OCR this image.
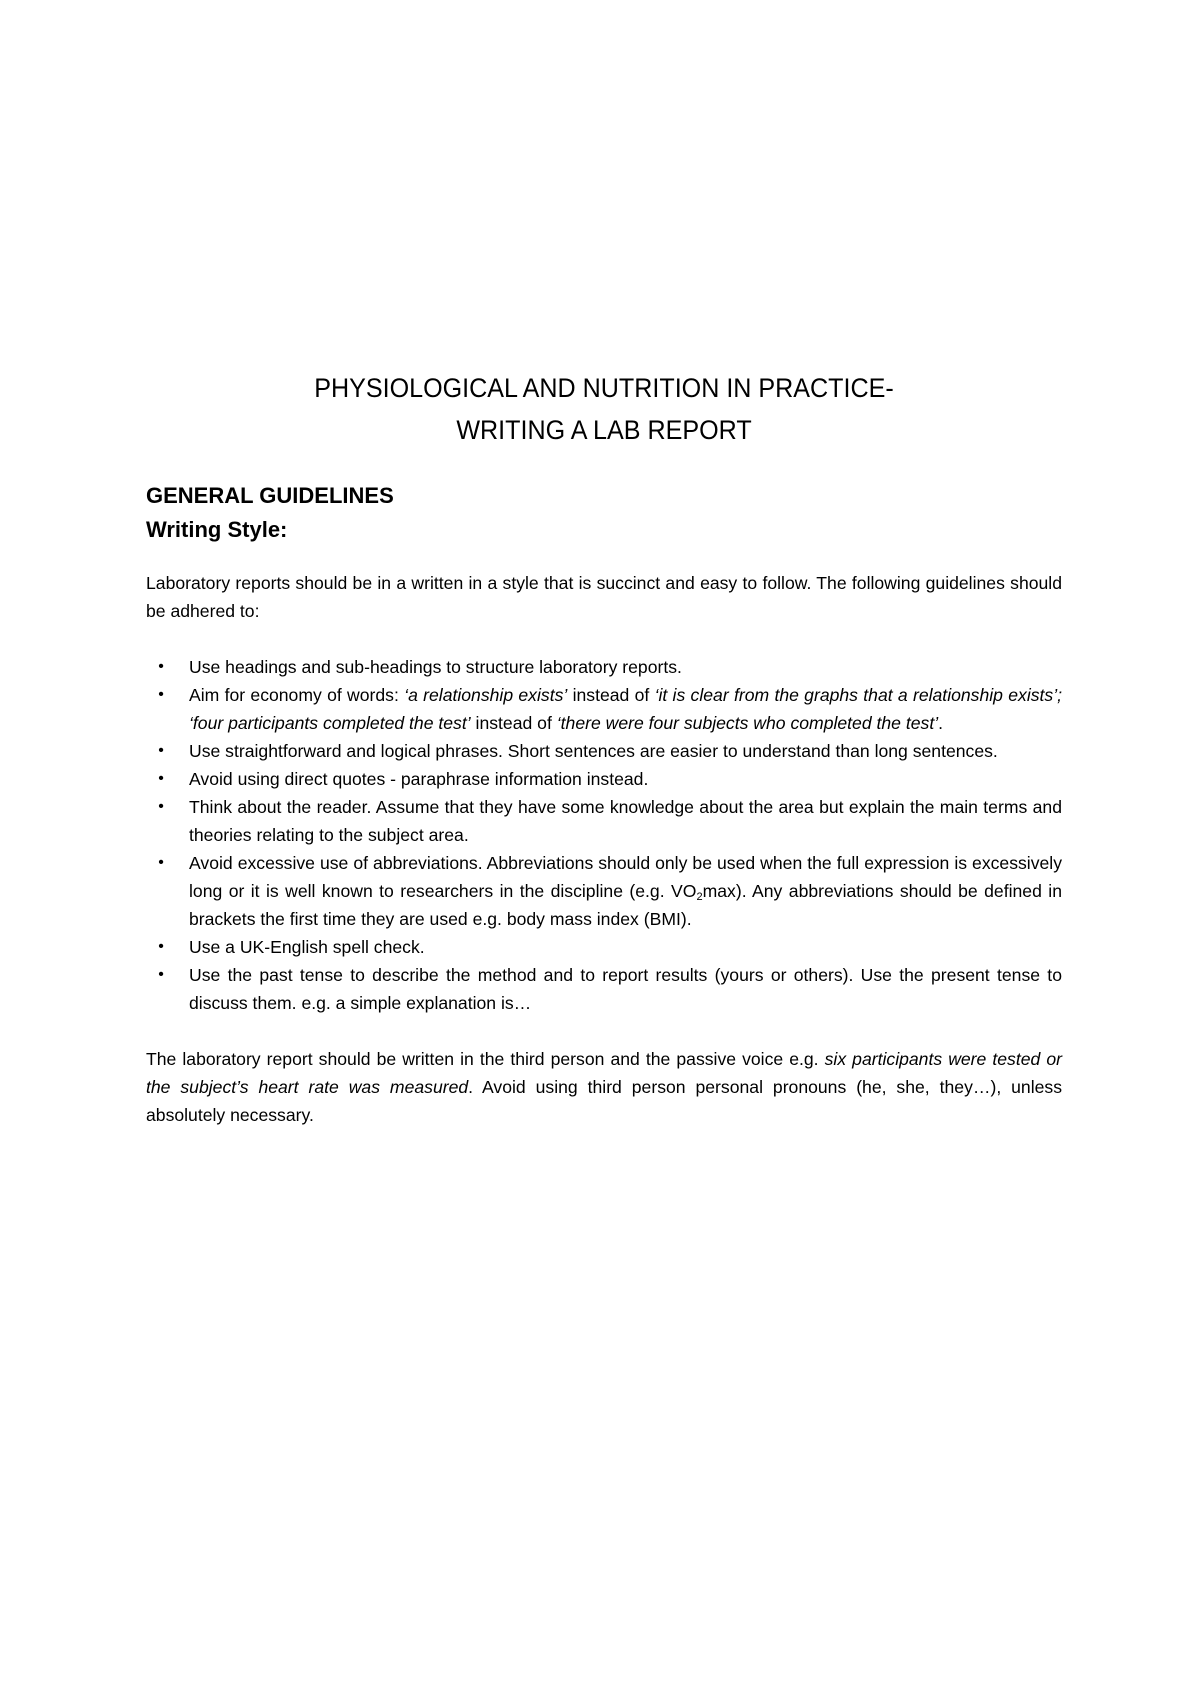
PHYSIOLOGICAL AND NUTRITION IN PRACTICE-
WRITING A LAB REPORT
GENERAL GUIDELINES
Writing Style:

Laboratory reports should be in a written in a style that is succinct and easy to follow. The following guidelines should be adhered to:

• Use headings and sub-headings to structure laboratory reports.
• Aim for economy of words: ‘a relationship exists’ instead of ‘it is clear from the graphs that a relationship exists’; ‘four participants completed the test’ instead of ‘there were four subjects who completed the test’.
• Use straightforward and logical phrases. Short sentences are easier to understand than long sentences.
• Avoid using direct quotes - paraphrase information instead.
• Think about the reader. Assume that they have some knowledge about the area but explain the main terms and theories relating to the subject area.
• Avoid excessive use of abbreviations. Abbreviations should only be used when the full expression is excessively long or it is well known to researchers in the discipline (e.g. $VO_2\max$). Any abbreviations should be defined in brackets the first time they are used e.g. body mass index (BMI).
• Use a UK-English spell check.
• Use the past tense to describe the method and to report results (yours or others). Use the present tense to discuss them. e.g. a simple explanation is…

The laboratory report should be written in the third person and the passive voice e.g. six participants were tested or the subject’s heart rate was measured. Avoid using third person personal pronouns (he, she, they…), unless absolutely necessary.
